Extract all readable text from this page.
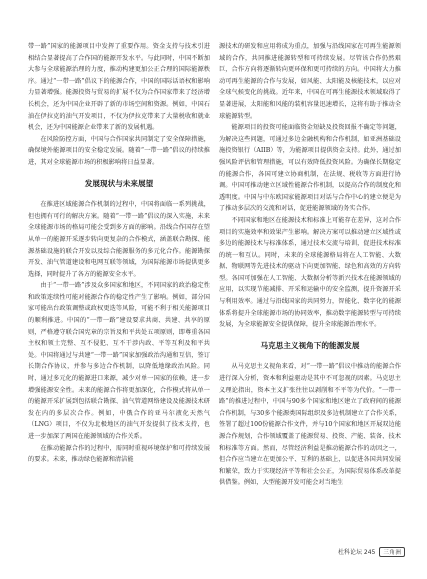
带一路”国家的能源项目中发挥了重要作用。资金支持与技术引进相结合显著提高了合作国的能源开发水平。与此同时，中国不断加大参与全球能源治理的力度，推动构建更加公正合理的国际能源秩序。通过“一带一路”倡议下的能源合作，中国的国际话语权和影响力显著增强。能源投资与贸易的扩展不仅为合作国家带来了经济增长机会，还为中国企业开辟了新的市场空间和资源。例如，中国石油在伊拉克的油气开发项目，不仅为伊拉克带来了大量税收和就业机会，还为中国能源企业带来了新的发展机遇。

在风险防控方面，中国与合作国家共同制定了安全保障措施，确保境外能源项目的安全稳定发展。随着“一带一路”倡议的持续推进，其对全球能源市场的积极影响将日益显著。

发展现状与未来展望

在推进区域能源合作机制的过程中，中国将面临一系列挑战，但也拥有可行的解决方案。随着“一带一路”倡议的深入实施，未来全球能源市场的格局可能会受到多方面的影响。沿线合作国存在望从单一的能源开采逐步转向更复杂的合作模式，涵盖联合勘探、能源基础设施的联合开发以及综合能源服务的多元化合作。能源勘探开发、油气管道建设和电网互联等领域，为国际能源市场提供更多选择，同时提升了各方的能源安全水平。

由于“一带一路”涉及众多国家和地区，不同国家的政治稳定性和政策连续性可能对能源合作的稳定性产生了影响。例如，部分国家可能出台政策调整或政权更迭等风险，可能不利于相关能源项目的顺利推进。中国的“一带一路”建设要求共商、共建、共享的原则，严格遵守联合国宪章的宗旨及和平共处五项原则，即尊重各国主权和领土完整、互不侵犯、互不干涉内政、平等互利及和平共处。中国将通过与共建“一带一路”国家加强政治沟通和互信，签订长期合作协议，并参与多边合作机制，以降低地缘政治风险。同时，通过多元化的能源进口来源，减少对单一国家的依赖，进一步增强能源安全性。未来的能源合作将更加深化，合作模式将从单一的能源开采扩展到包括联合勘探、油气管道网络建设及能源技术研发在内的多层次合作。例如，中俄合作的亚马尔液化天然气（LNG）项目，不仅为北极地区的油气开发提供了技术支持，也进一步加深了两国在能源领域的合作关系。

在推动能源合作的过程中，需同时重视环境保护和可持续发展的要求。未来，推动绿色能源和清洁能

源技术的研发和应用将成为重点，加强与沿线国家在可再生能源领域的合作，共同推进能源转型和可持续发展。尽管该合作仍然艰巨，合作方向将逐渐转向更环保和更可持续的方向。中国将大力推动可再生能源的合作与发展，如风能、太阳能及核能技术，以应对全球气候变化的挑战。近年来，中国在可再生能源技术领域取得了显著进展，太阳能和风能的装机容量迅速增长，这将有助于推动全球能源转型。

能源项目的投资可能面临资金短缺及投资回报不确定等问题，为解决这些问题，可通过多边金融机构和合作机制，如亚洲基础设施投资银行（AIIB）等，为能源项目提供资金支持。此外，通过加强风险评估和管理措施，可以有效降低投资风险。为确保长期稳定的能源合作，各国可建立协商机制，在法规、税收等方面进行协调。中国可推动建立区域性能源合作机制，以提高合作的制度化和透明度。中国与中东欧国家能源项目对话与合作中心的建立便是为了推动多层次的交流和对话，促进能源领域的务实合作。

不同国家和地区在能源技术和标准上可能存在差异，这对合作项目的实施效率和效果产生影响。解决方案可以推动建立区域性或多边的能源技术与标准体系，通过技术交流与培训，促进技术标准的统一和互认。同时，未来的全球能源格局将在人工智能、大数据、物联网等先进技术的驱动下向更加智能、绿色和高效的方向转型。各国可加强在人工智能、大数据分析等新兴技术在能源领域的应用，以实现节能减排、开采和运输中的安全监测，提升资源开采与利用效率。通过与沿线国家的共同努力，智能化、数字化的能源体系将提升全球能源市场的协同效率，推动数字能源转型与可持续发展，为全球能源安全提供保障，提升全球能源治理水平。

马克思主义视角下的能源发展

从马克思主义视角来看，对“一带一路”倡议中推动的能源合作进行深入分析，资本和利益驱动是其中不可忽视的因素。马克思主义理论指出，资本主义扩张往往以剥削和不平等为代价。“一带一路”的推进过程中，中国与90多个国家和地区建立了政府间的能源合作机制，与30多个能源类国际组织及多边机制建立了合作关系，签署了超过100份能源合作文件，并与10个国家和地区开展双边能源合作规划，合作领域覆盖了能源贸易、投资、产能、装备、技术和标准等方面。然而，尽管经济利益是推动能源合作的动因之一，但合作应当建立在更加公平、互利的基础上，以促进各国共同发展和繁荣，致力于实现经济平等和社会公正，为国际贸易体系改革提供借鉴。例如，大型能源开发可能会对当地生

杜科论坛 245 三角洲
